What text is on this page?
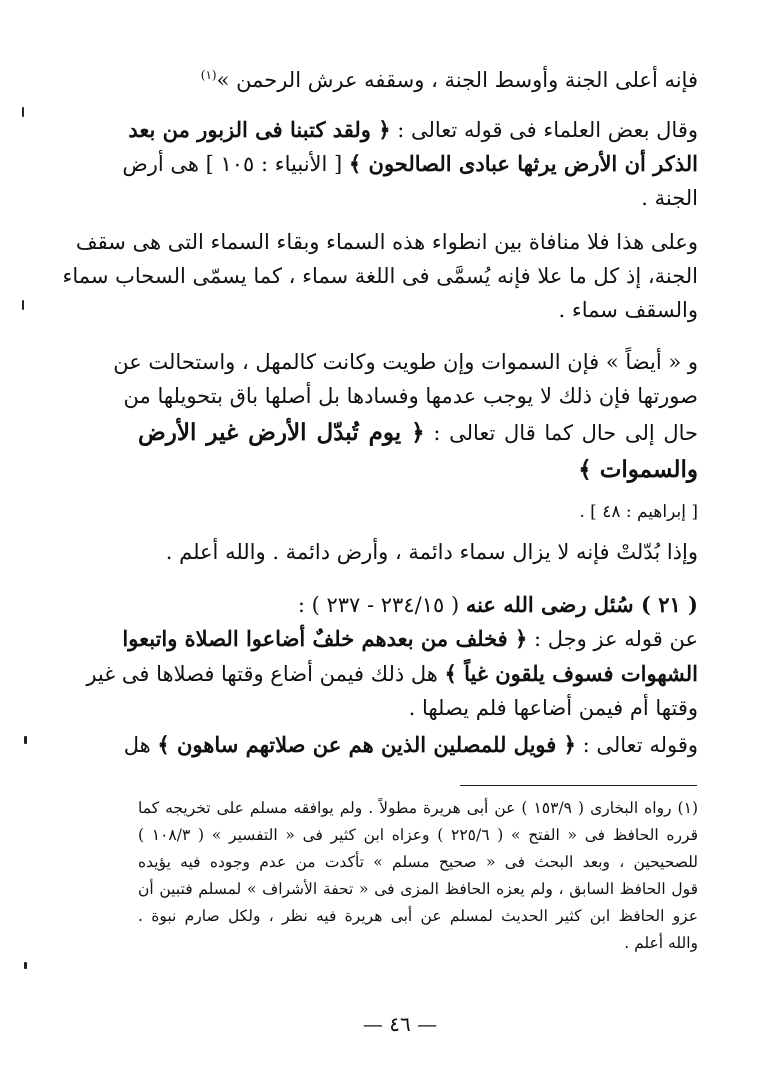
فإنه أعلى الجنة وأوسط الجنة ، وسقفه عرش الرحمن »$^{(١)}$
وقال بعض العلماء فى قوله تعالى : ﴿ ولقد كتبنا فى الزبور من بعد
الذكر أن الأرض يرثها عبادى الصالحون ﴾ [ الأنبياء : ١٠٥ ] هى أرض
الجنة .
وعلى هذا فلا منافاة بين انطواء هذه السماء وبقاء السماء التى هى سقف
الجنة، إذ كل ما علا فإنه يُسمَّى فى اللغة سماء ، كما يسمّى السحاب سماء
والسقف سماء .
و « أيضاً » فإن السموات وإن طويت وكانت كالمهل ، واستحالت عن
صورتها فإن ذلك لا يوجب عدمها وفسادها بل أصلها باق بتحويلها من
حال إلى حال كما قال تعالى : ﴿ يوم تُبدّل الأرض غير الأرض
والسموات ﴾
[ إبراهيم : ٤٨ ] .
وإذا بُدّلتْ فإنه لا يزال سماء دائمة ، وأرض دائمة . والله أعلم .
( ٢١ ) سُئل رضى الله عنه ( ٢٣٤/١٥ - ٢٣٧ ) :
عن قوله عز وجل : ﴿ فخلف من بعدهم خلفٌ أضاعوا الصلاة واتبعوا
الشهوات فسوف يلقون غياً ﴾ هل ذلك فيمن أضاع وقتها فصلاها فى غير
وقتها أم فيمن أضاعها فلم يصلها .
وقوله تعالى : ﴿ فويل للمصلين الذين هم عن صلاتهم ساهون ﴾ هل
(١) رواه البخارى ( ١٥٣/٩ ) عن أبى هريرة مطولاً . ولم يوافقه مسلم على تخريجه كما
قرره الحافظ فى « الفتح » ( ٢٢٥/٦ ) وعزاه ابن كثير فى « التفسير » ( ١٠٨/٣ )
للصحيحين ، وبعد البحث فى « صحيح مسلم » تأكدت من عدم وجوده فيه يؤيده
قول الحافظ السابق ، ولم يعزه الحافظ المزى فى « تحفة الأشراف » لمسلم فتبين أن
عزو الحافظ ابن كثير الحديث لمسلم عن أبى هريرة فيه نظر ، ولكل صارم نبوة .
والله أعلم .
— ٤٦ —
